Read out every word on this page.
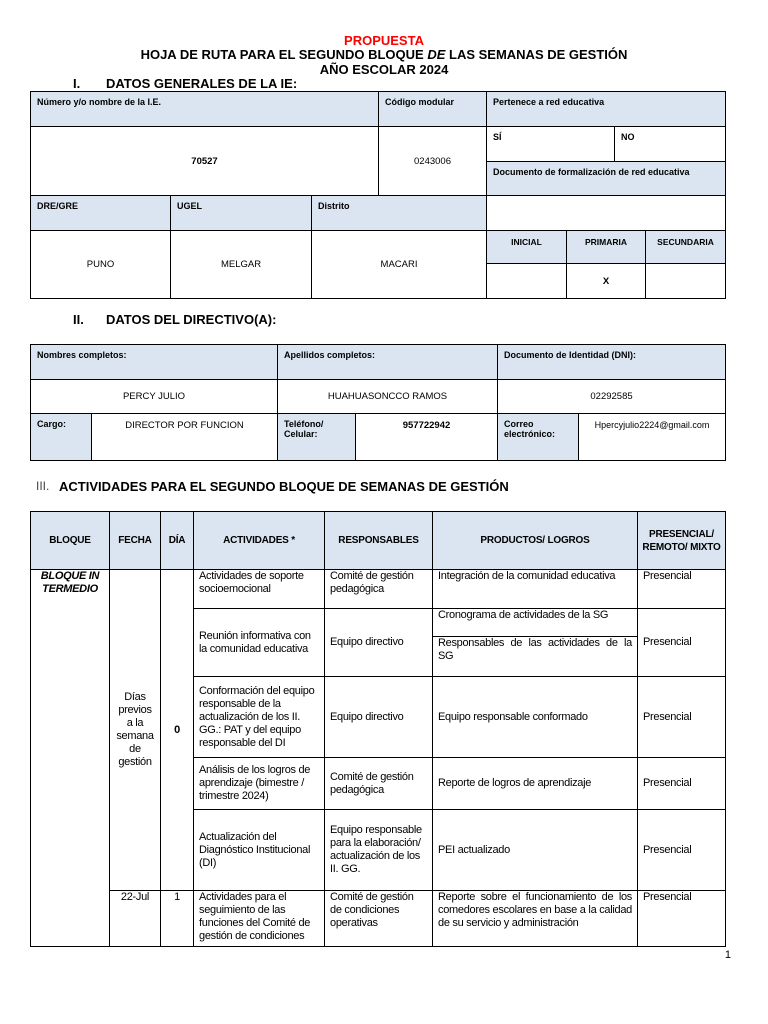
PROPUESTA
HOJA DE RUTA PARA EL SEGUNDO BLOQUE DE LAS SEMANAS DE GESTIÓN
AÑO ESCOLAR 2024
I. DATOS GENERALES DE LA IE:
Número y/o nombre de la I.E.			Código modular	Pertenece a red educativa			
70527			0243006	SÍ		NO	
				Documento de formalización de red educativa			
DRE/GRE	UGEL	Distrito					
PUNO	MELGAR	MACARI		INICIAL	PRIMARIA		SECUNDARIA
					X		
II. DATOS DEL DIRECTIVO(A):
Nombres completos:		Apellidos completos:		Documento de Identidad (DNI):	
PERCY JULIO		HUAHUASONCCO RAMOS		02292585	
Cargo:	DIRECTOR POR FUNCION	Teléfono/ Celular:	957722942	Correo electrónico:	Hpercyjulio2224@gmail.com
III. ACTIVIDADES PARA EL SEGUNDO BLOQUE DE SEMANAS DE GESTIÓN
BLOQUE	FECHA	DÍA	ACTIVIDADES *	RESPONSABLES	PRODUCTOS/ LOGROS	PRESENCIAL/ REMOTO/ MIXTO
BLOQUE INTERMEDIO	Días previos a la semana de gestión	0	Actividades de soporte socioemocional	Comité de gestión pedagógica	Integración de la comunidad educativa	Presencial
			Reunión informativa con la comunidad educativa	Equipo directivo	Cronograma de actividades de la SG	Presencial
					Responsables de las actividades de la SG	
			Conformación del equipo responsable de la actualización de los II. GG.: PAT y del equipo responsable del DI	Equipo directivo	Equipo responsable conformado	Presencial
			Análisis de los logros de aprendizaje (bimestre / trimestre 2024)	Comité de gestión pedagógica	Reporte de logros de aprendizaje	Presencial
			Actualización del Diagnóstico Institucional (DI)	Equipo responsable para la elaboración/ actualización de los II. GG.	PEI actualizado	Presencial
	22-Jul	1	Actividades para el seguimiento de las funciones del Comité de gestión de condiciones	Comité de gestión de condiciones operativas	Reporte sobre el funcionamiento de los comedores escolares en base a la calidad de su servicio y administración	Presencial
1
